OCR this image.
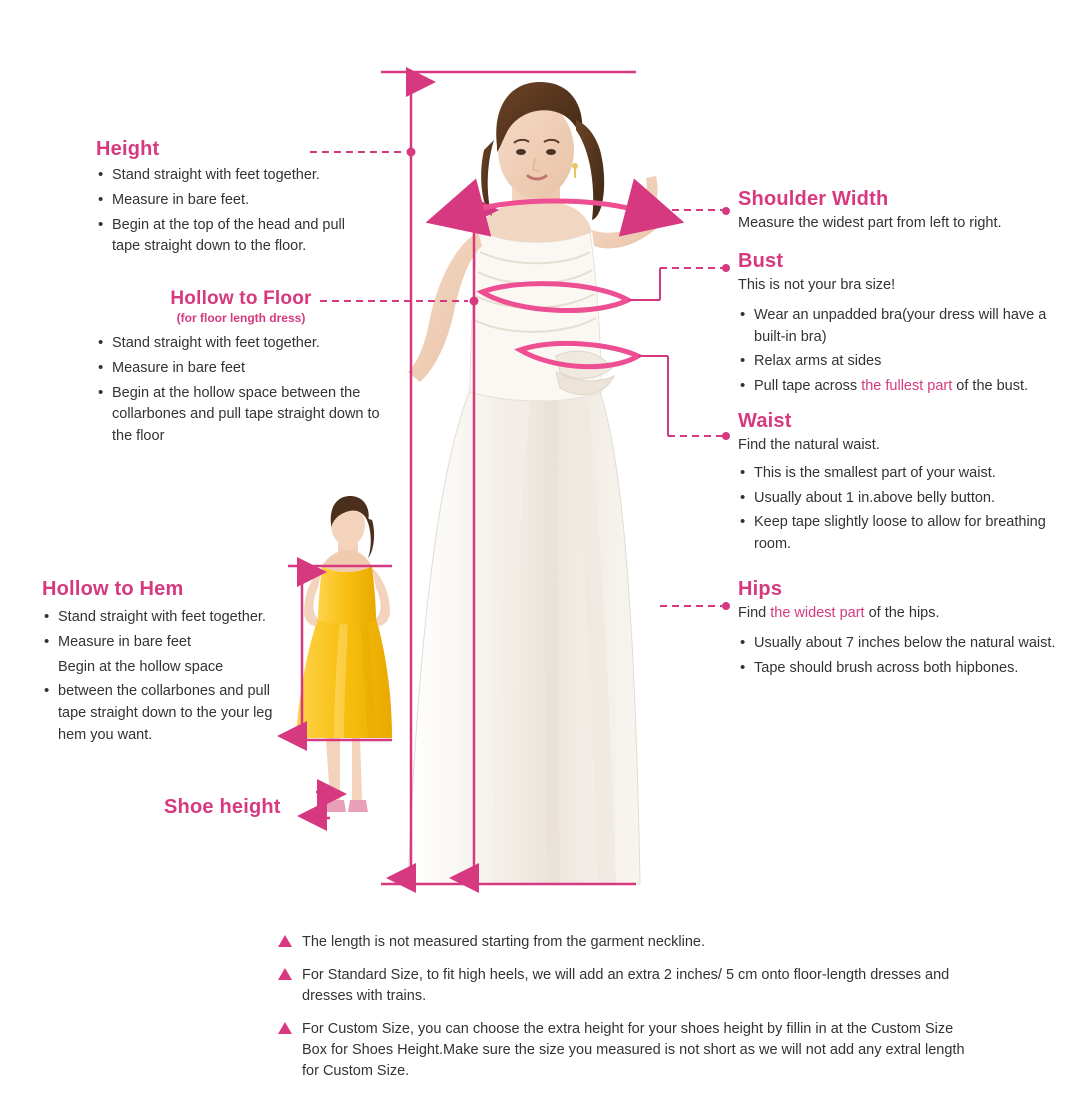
Height
• Stand straight with feet together.
• Measure in bare feet.
• Begin at the top of the head and pull tape straight down to the floor.
Hollow to Floor
(for floor length dress)
• Stand straight with feet together.
• Measure in bare feet
• Begin at the hollow space between the collarbones and pull tape straight down to the floor
Hollow to Hem
• Stand straight with feet together.
• Measure in bare feet
Begin at the hollow space
• between the collarbones and pull tape straight down to the your leg hem you want.
Shoe height
Shoulder Width
Measure the widest part from left to right.
Bust
This is not your bra size!
• Wear an unpadded bra(your dress will have a built-in bra)
• Relax arms at sides
• Pull tape across the fullest part of the bust.
Waist
Find the natural waist.
• This is the smallest part of your waist.
• Usually about 1 in.above belly button.
• Keep tape slightly loose to allow for breathing room.
Hips
Find the widest part of the hips.
• Usually about 7 inches below the natural waist.
• Tape should brush across both hipbones.
The length is not measured starting from the garment neckline.
For Standard Size, to fit high heels, we will add an extra 2 inches/ 5 cm onto floor-length dresses and dresses with trains.
For Custom Size, you can choose the extra height for your shoes height by fillin in at the Custom Size Box for Shoes Height.Make sure the size you measured is not short as we will not add any extral length for Custom Size.
